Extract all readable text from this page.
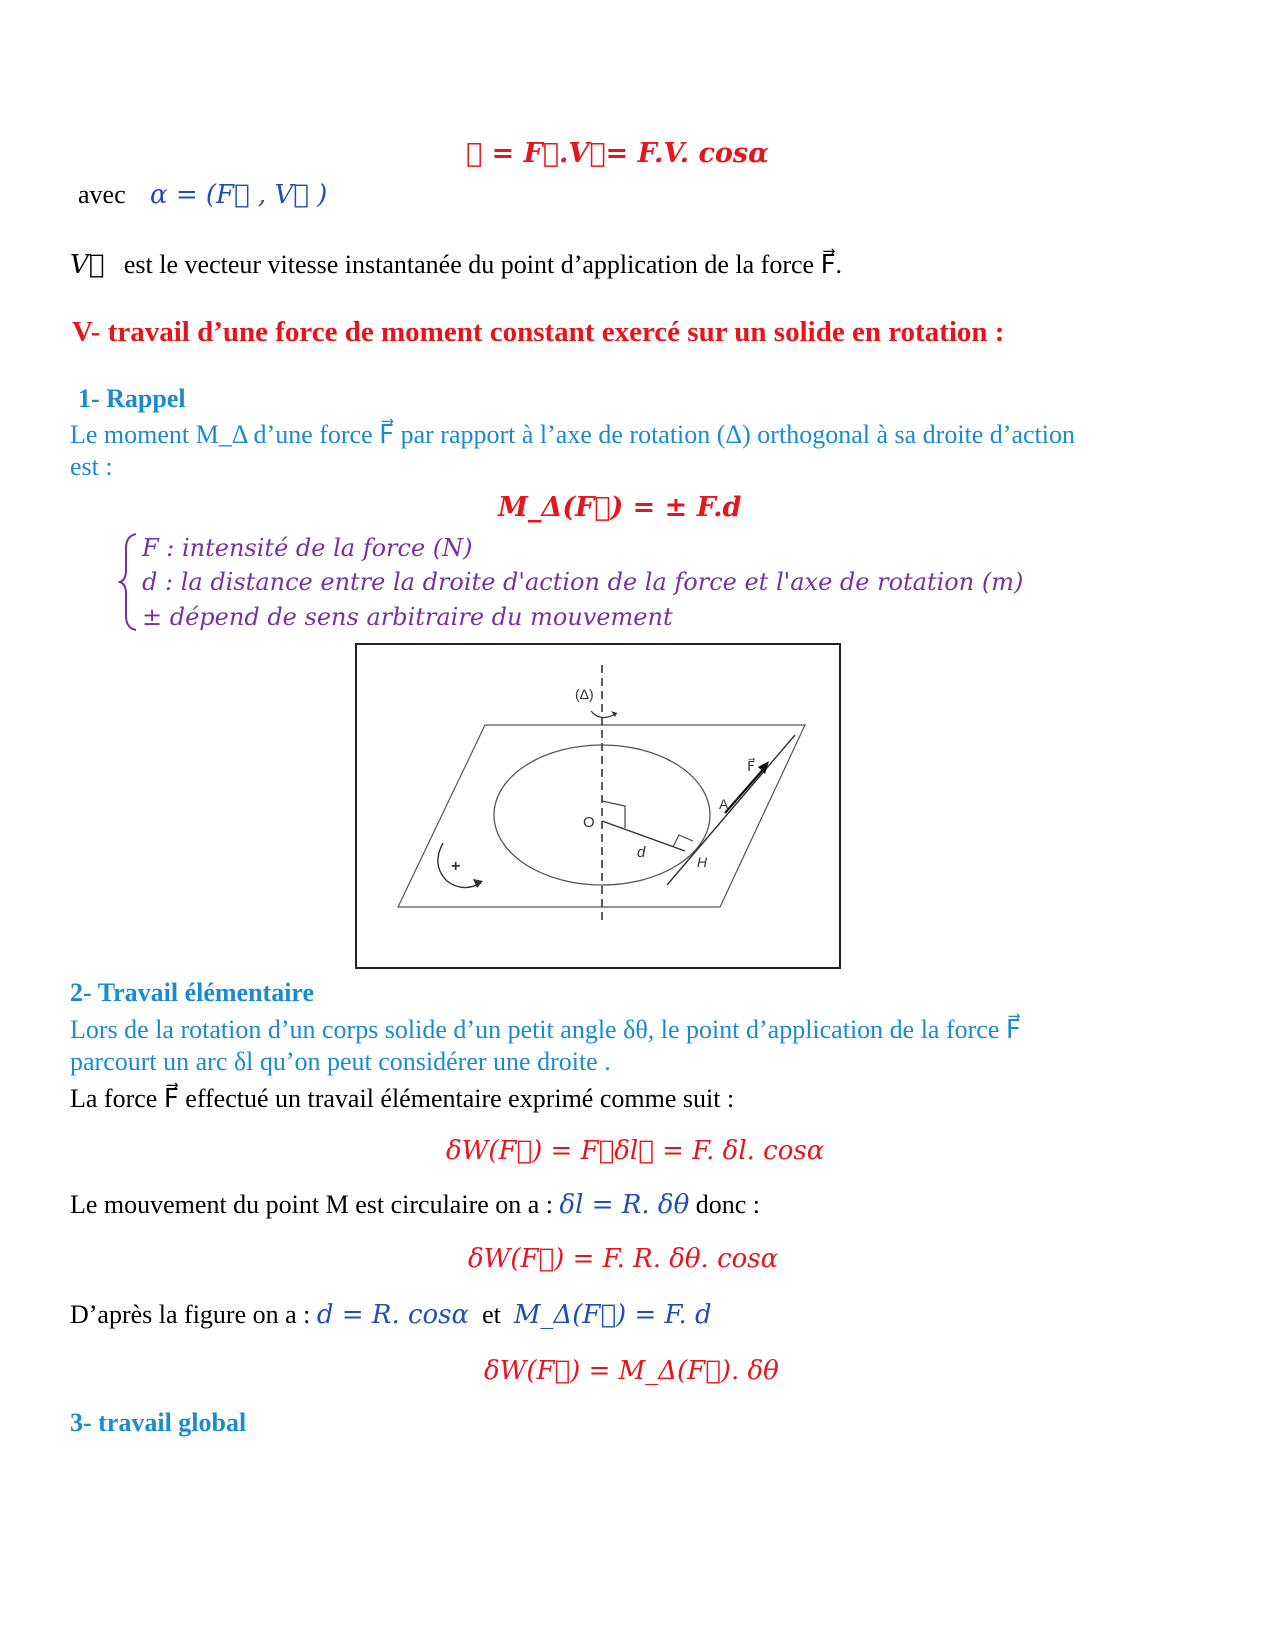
𝓟 = F⃗.V⃗= F.V. cosα
avec α = (F⃗ , V⃗ )
V⃗ est le vecteur vitesse instantanée du point d’application de la force F⃗.
V- travail d’une force de moment constant exercé sur un solide en rotation :
1- Rappel
Le moment M_Δ d’une force F⃗ par rapport à l’axe de rotation (Δ) orthogonal à sa droite d’action
est :
M_Δ(F⃗) = ± F.d
F : intensité de la force (N)
d : la distance entre la droite d'action de la force et l'axe de rotation (m)
± dépend de sens arbitraire du mouvement
(Δ)
O
d
H
F⃗
A
+
2- Travail élémentaire
Lors de la rotation d’un corps solide d’un petit angle δθ, le point d’application de la force F⃗
parcourt un arc δl qu’on peut considérer une droite .
La force F⃗ effectué un travail élémentaire exprimé comme suit :
δW(F⃗) = F⃗δl⃗ = F. δl. cosα
Le mouvement du point M est circulaire on a : δl = R. δθ donc :
δW(F⃗) = F. R. δθ. cosα
D’après la figure on a : d = R. cosα et M_Δ(F⃗) = F. d
δW(F⃗) = M_Δ(F⃗). δθ
3- travail global
